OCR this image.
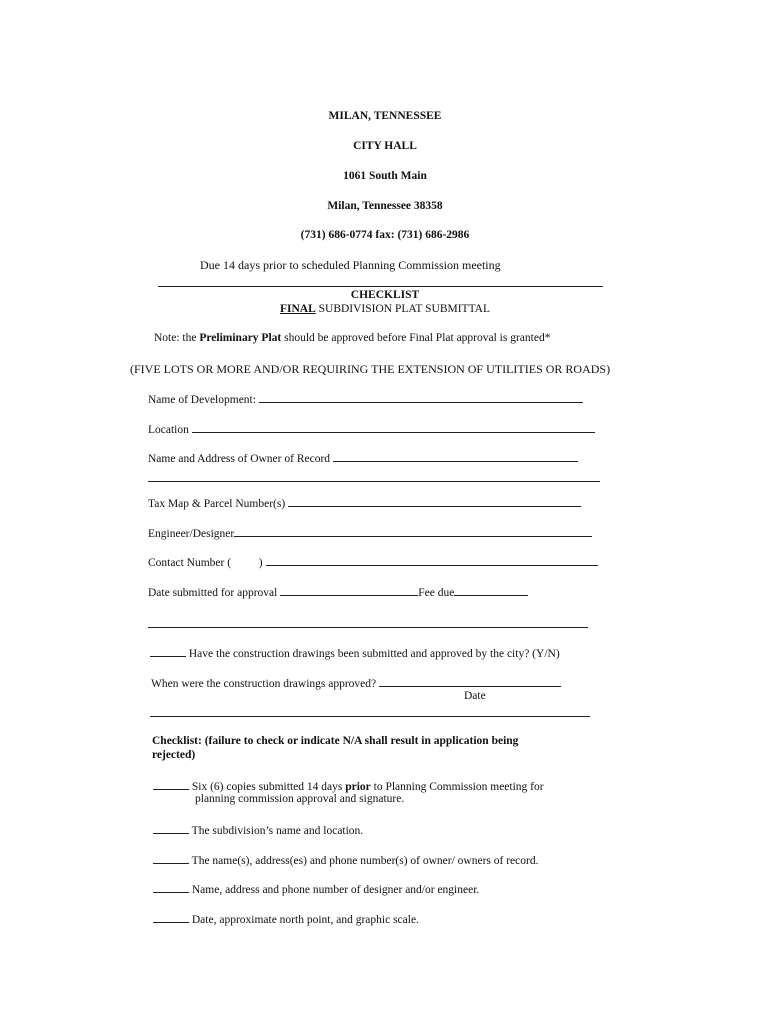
MILAN, TENNESSEE
CITY HALL
1061 South Main
Milan, Tennessee 38358
(731) 686-0774 fax: (731) 686-2986
Due 14 days prior to scheduled Planning Commission meeting
CHECKLIST
FINAL SUBDIVISION PLAT SUBMITTAL
Note: the Preliminary Plat should be approved before Final Plat approval is granted*
(FIVE LOTS OR MORE AND/OR REQUIRING THE EXTENSION OF UTILITIES OR ROADS)
Name of Development:
Location
Name and Address of Owner of Record
Tax Map & Parcel Number(s)
Engineer/Designer
Contact Number ( )
Date submitted for approval	Fee due
Have the construction drawings been submitted and approved by the city? (Y/N)
When were the construction drawings approved?
Date
Checklist: (failure to check or indicate N/A shall result in application being
rejected)
Six (6) copies submitted 14 days prior to Planning Commission meeting for
planning commission approval and signature.
The subdivision’s name and location.
The name(s), address(es) and phone number(s) of owner/ owners of record.
Name, address and phone number of designer and/or engineer.
Date, approximate north point, and graphic scale.
